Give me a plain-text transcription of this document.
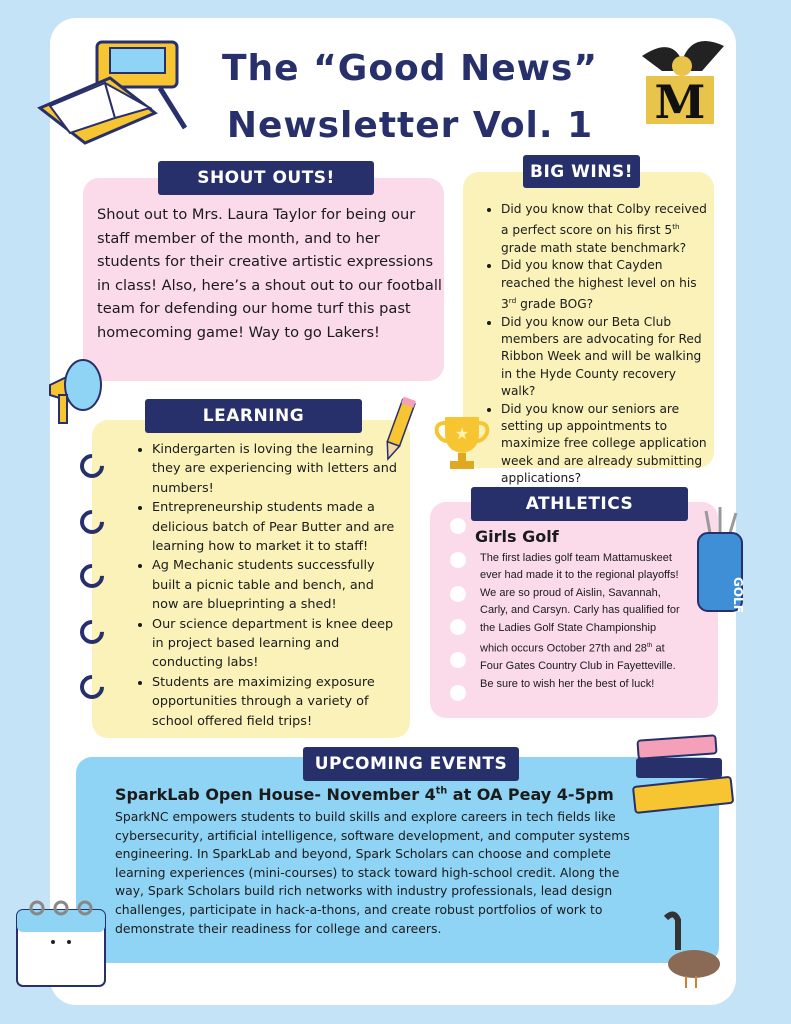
The “Good News”
Newsletter Vol. 1	M

Shout out to Mrs. Laura Taylor for being our staff member of the month, and to her students for their creative artistic expressions in class! Also, here’s a shout out to our football team for defending our home turf this past homecoming game! Way to go Lakers!

SHOUT OUTS!
• Did you know that Colby received a perfect score on his first 5th grade math state benchmark?
• Did you know that Cayden reached the highest level on his 3rd grade BOG?
• Did you know our Beta Club members are advocating for Red Ribbon Week and will be walking in the Hyde County recovery walk?
• Did you know our seniors are setting up appointments to maximize free college application week and are already submitting applications?
BIG WINS!
• Kindergarten is loving the learning they are experiencing with letters and numbers!
• Entrepreneurship students made a delicious batch of Pear Butter and are learning how to market it to staff!
• Ag Mechanic students successfully built a picnic table and bench, and now are blueprinting a shed!
• Our science department is knee deep in project based learning and conducting labs!
• Students are maximizing exposure opportunities through a variety of school offered field trips!
LEARNING
★
Girls Golf

The first ladies golf team Mattamuskeet ever had made it to the regional playoffs! We are so proud of Aislin, Savannah, Carly, and Carsyn. Carly has qualified for the Ladies Golf State Championship which occurs October 27th and 28th at Four Gates Country Club in Fayetteville. Be sure to wish her the best of luck!

ATHLETICS
GOLF
SparkLab Open House- November 4th at OA Peay 4-5pm

SparkNC empowers students to build skills and explore careers in tech fields like cybersecurity, artificial intelligence, software development, and computer systems engineering. In SparkLab and beyond, Spark Scholars can choose and complete learning experiences (mini-courses) to stack toward high-school credit. Along the way, Spark Scholars build rich networks with industry professionals, lead design challenges, participate in hack-a-thons, and create robust portfolios of work to demonstrate their readiness for college and careers.

UPCOMING EVENTS
